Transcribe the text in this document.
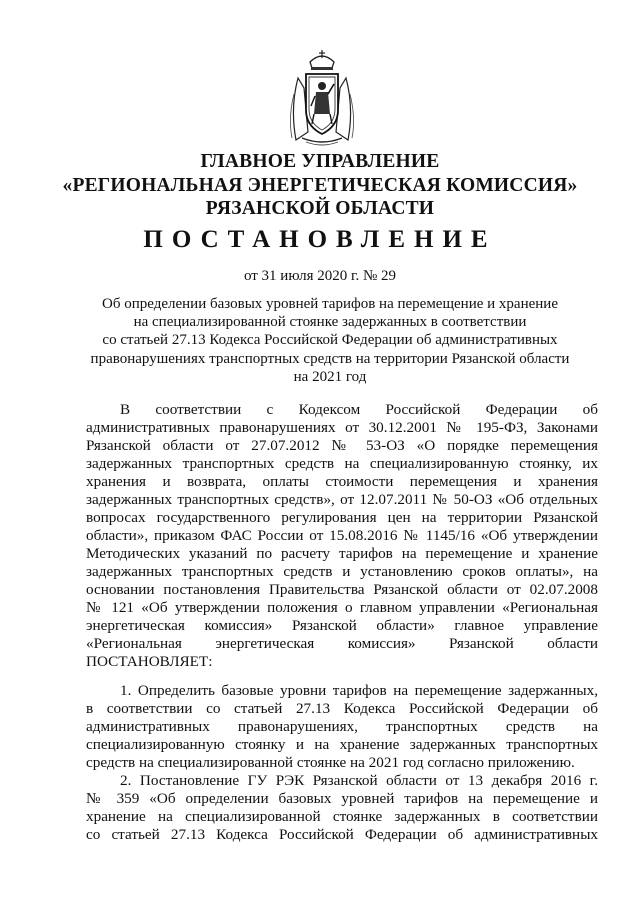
ГЛАВНОЕ УПРАВЛЕНИЕ
«РЕГИОНАЛЬНАЯ ЭНЕРГЕТИЧЕСКАЯ КОМИССИЯ»
РЯЗАНСКОЙ ОБЛАСТИ
ПОСТАНОВЛЕНИЕ
от 31 июля 2020 г. № 29
Об определении базовых уровней тарифов на перемещение и хранение
на специализированной стоянке задержанных в соответствии
со статьей 27.13 Кодекса Российской Федерации об административных
правонарушениях транспортных средств на территории Рязанской области
на 2021 год
В соответствии с Кодексом Российской Федерации об
административных правонарушениях от 30.12.2001 № 195-ФЗ, Законами
Рязанской области от 27.07.2012 № 53-ОЗ «О порядке перемещения
задержанных транспортных средств на специализированную стоянку, их
хранения и возврата, оплаты стоимости перемещения и хранения
задержанных транспортных средств», от 12.07.2011 № 50-ОЗ «Об отдельных
вопросах государственного регулирования цен на территории Рязанской
области», приказом ФАС России от 15.08.2016 № 1145/16 «Об утверждении
Методических указаний по расчету тарифов на перемещение и хранение
задержанных транспортных средств и установлению сроков оплаты», на
основании постановления Правительства Рязанской области от 02.07.2008
№ 121 «Об утверждении положения о главном управлении «Региональная
энергетическая комиссия» Рязанской области» главное управление
«Региональная энергетическая комиссия» Рязанской области
ПОСТАНОВЛЯЕТ:
1. Определить базовые уровни тарифов на перемещение задержанных,
в соответствии со статьей 27.13 Кодекса Российской Федерации об
административных правонарушениях, транспортных средств на
специализированную стоянку и на хранение задержанных транспортных
средств на специализированной стоянке на 2021 год согласно приложению.
2. Постановление ГУ РЭК Рязанской области от 13 декабря 2016 г.
№ 359 «Об определении базовых уровней тарифов на перемещение и
хранение на специализированной стоянке задержанных в соответствии
со статьей 27.13 Кодекса Российской Федерации об административных
